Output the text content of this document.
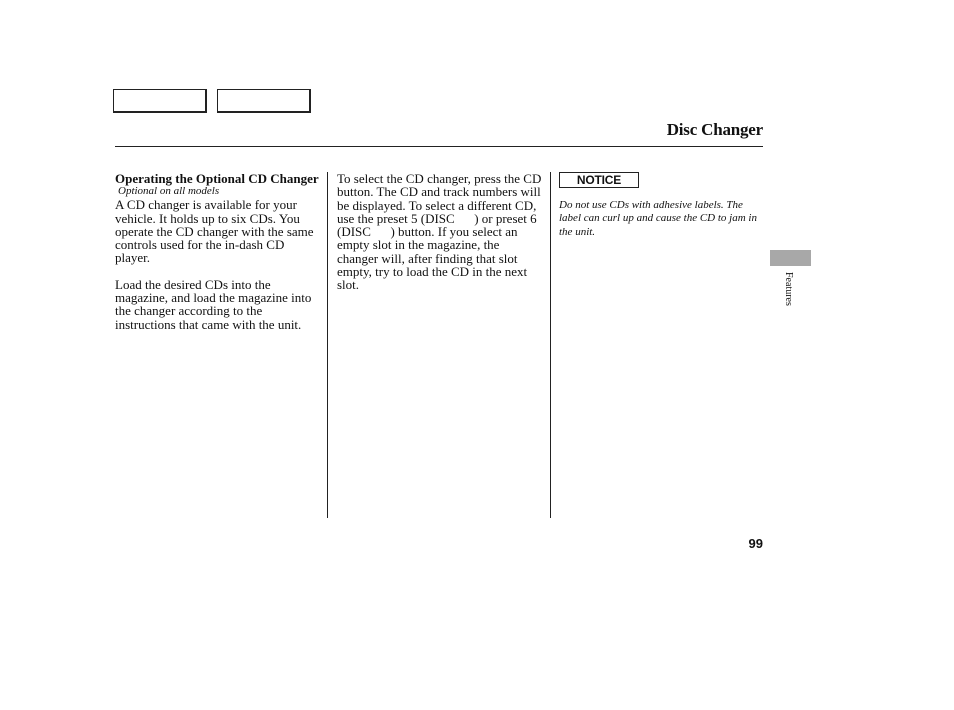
Disc Changer
Operating the Optional CD Changer
Optional on all models

A CD changer is available for your vehicle. It holds up to six CDs. You operate the CD changer with the same controls used for the in-dash CD player.

Load the desired CDs into the magazine, and load the magazine into the changer according to the instructions that came with the unit.

To select the CD changer, press the CD button. The CD and track numbers will be displayed. To select a different CD, use the preset 5 (DISC      ) or preset 6 (DISC      ) button. If you select an empty slot in the magazine, the changer will, after finding that slot empty, try to load the CD in the next slot.

NOTICE
Do not use CDs with adhesive labels. The label can curl up and cause the CD to jam in the unit.
Features
99
